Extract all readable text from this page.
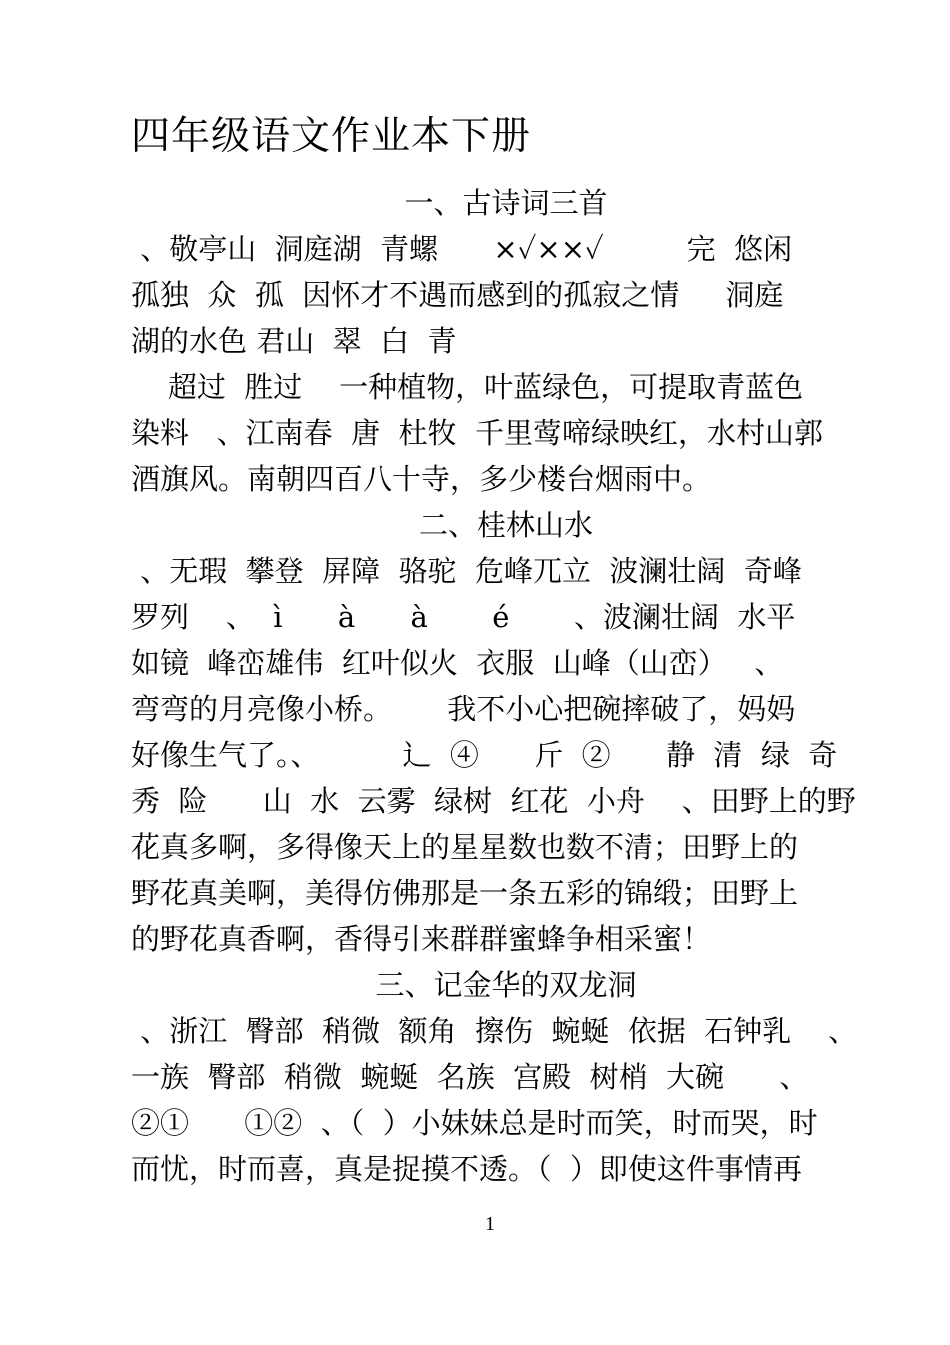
四年级语文作业本下册
一、古诗词三首
、敬亭山  洞庭湖  青螺      ×✓××✓         完  悠闲
孤独  众  孤  因怀才不遇而感到的孤寂之情     洞庭
湖的水色 君山  翠  白  青
超过  胜过    一种植物，叶蓝绿色，可提取青蓝色
染料   、江南春  唐  杜牧  千里莺啼绿映红，水村山郭
酒旗风。南朝四百八十寺，多少楼台烟雨中。
二、桂林山水
、无瑕  攀登  屏障  骆驼  危峰兀立  波澜壮阔  奇峰
罗列    、  ì      à      à       é       、波澜壮阔  水平
如镜  峰峦雄伟  红叶似火  衣服  山峰（山峦）   、
弯弯的月亮像小桥。      我不小心把碗摔破了，妈妈
好像生气了。、         辶  ④      斤  ②      静  清  绿  奇
秀  险      山  水  云雾  绿树  红花  小舟    、田野上的野
花真多啊，多得像天上的星星数也数不清；田野上的
野花真美啊，美得仿佛那是一条五彩的锦缎；田野上
的野花真香啊，香得引来群群蜜蜂争相采蜜！
三、记金华的双龙洞
、浙江  臀部  稍微  额角  擦伤  蜿蜒  依据  石钟乳    、
一族  臀部  稍微  蜿蜒  名族  宫殿  树梢  大碗      、
②①      ①②  、（  ）小妹妹总是时而笑，时而哭，时
而忧，时而喜，真是捉摸不透。（  ）即使这件事情再
1
